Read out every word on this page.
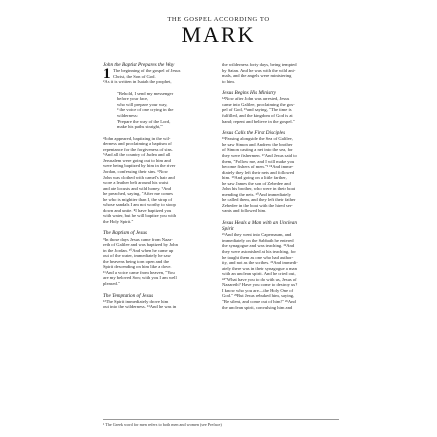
THE GOSPEL ACCORDING TO
MARK

John the Baptist Prepares the Way

1 The beginning of the gospel of Jesus
Christ, the Son of God.
²As it is written in Isaiah the prophet,
"Behold, I send my messenger
before your face,
who will prepare your way,
³ the voice of one crying in the
wilderness:
'Prepare the way of the Lord,
make his paths straight,'"
⁴John appeared, baptizing in the wil-
derness and proclaiming a baptism of
repentance for the forgiveness of sins.
⁵And all the country of Judea and all
Jerusalem were going out to him and
were being baptized by him in the river
Jordan, confessing their sins. ⁶Now
John was clothed with camel's hair and
wore a leather belt around his waist
and ate locusts and wild honey. ⁷And
he preached, saying, "After me comes
he who is mightier than I, the strap of
whose sandals I am not worthy to stoop
down and untie. ⁸I have baptized you
with water, but he will baptize you with
the Holy Spirit."

The Baptism of Jesus

⁹In those days Jesus came from Naza-
reth of Galilee and was baptized by John
in the Jordan. ¹⁰And when he came up
out of the water, immediately he saw
the heavens being torn open and the
Spirit descending on him like a dove.
¹¹And a voice came from heaven, "You
are my beloved Son; with you I am well
pleased."

The Temptation of Jesus

¹²The Spirit immediately drove him
out into the wilderness. ¹³And he was in
the wilderness forty days, being tempted
by Satan. And he was with the wild ani-
mals, and the angels were ministering
to him.

Jesus Begins His Ministry

¹⁴Now after John was arrested, Jesus
came into Galilee, proclaiming the gos-
pel of God, ¹⁵and saying, "The time is
fulfilled, and the kingdom of God is at
hand; repent and believe in the gospel."

Jesus Calls the First Disciples

¹⁶Passing alongside the Sea of Galilee,
he saw Simon and Andrew the brother
of Simon casting a net into the sea, for
they were fishermen. ¹⁷And Jesus said to
them, "Follow me, and I will make you
become fishers of men."¹ ¹⁸And imme-
diately they left their nets and followed
him. ¹⁹And going on a little farther,
he saw James the son of Zebedee and
John his brother, who were in their boat
mending the nets. ²⁰And immediately
he called them, and they left their father
Zebedee in the boat with the hired ser-
vants and followed him.

Jesus Heals a Man with an Unclean

Spirit

²¹And they went into Capernaum, and
immediately on the Sabbath he entered
the synagogue and was teaching. ²²And
they were astonished at his teaching, for
he taught them as one who had author-
ity, and not as the scribes. ²³And immedi-
ately there was in their synagogue a man
with an unclean spirit. And he cried out,
²⁴"What have you to do with us, Jesus of
Nazareth? Have you come to destroy us?
I know who you are—the Holy One of
God." ²⁵But Jesus rebuked him, saying,
"Be silent, and come out of him!" ²⁶And
the unclean spirit, convulsing him and
¹ The Greek word for men refers to both men and women (see Preface)
